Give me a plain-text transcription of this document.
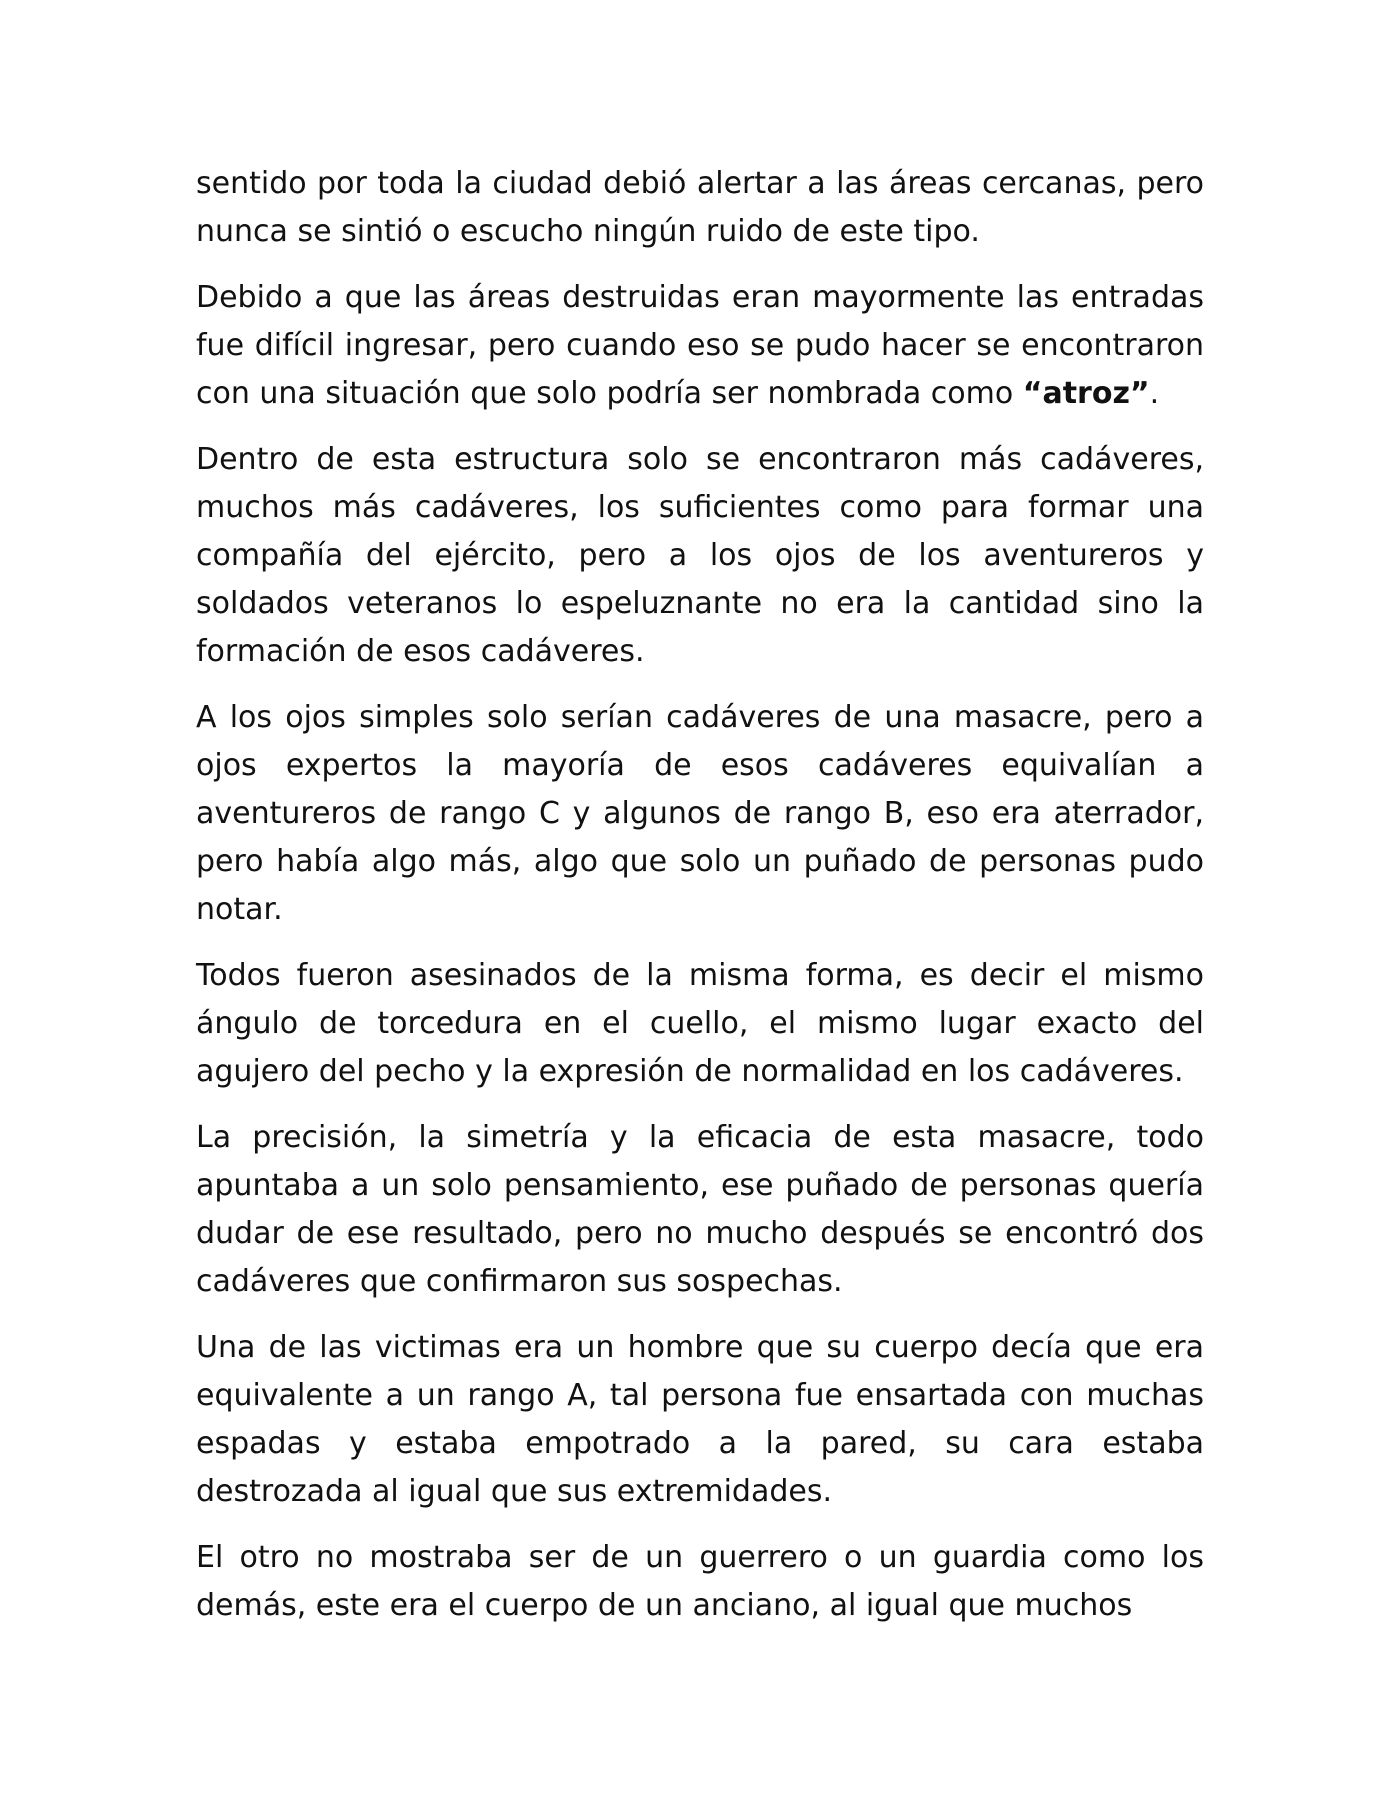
sentido por toda la ciudad debió alertar a las áreas cercanas, pero nunca se sintió o escucho ningún ruido de este tipo.

Debido a que las áreas destruidas eran mayormente las entradas fue difícil ingresar, pero cuando eso se pudo hacer se encontraron con una situación que solo podría ser nombrada como “atroz”.

Dentro de esta estructura solo se encontraron más cadáveres, muchos más cadáveres, los suficientes como para formar una compañía del ejército, pero a los ojos de los aventureros y soldados veteranos lo espeluznante no era la cantidad sino la formación de esos cadáveres.

A los ojos simples solo serían cadáveres de una masacre, pero a ojos expertos la mayoría de esos cadáveres equivalían a aventureros de rango C y algunos de rango B, eso era aterrador, pero había algo más, algo que solo un puñado de personas pudo notar.

Todos fueron asesinados de la misma forma, es decir el mismo ángulo de torcedura en el cuello, el mismo lugar exacto del agujero del pecho y la expresión de normalidad en los cadáveres.

La precisión, la simetría y la eficacia de esta masacre, todo apuntaba a un solo pensamiento, ese puñado de personas quería dudar de ese resultado, pero no mucho después se encontró dos cadáveres que confirmaron sus sospechas.

Una de las victimas era un hombre que su cuerpo decía que era equivalente a un rango A, tal persona fue ensartada con muchas espadas y estaba empotrado a la pared, su cara estaba destrozada al igual que sus extremidades.

El otro no mostraba ser de un guerrero o un guardia como los demás, este era el cuerpo de un anciano, al igual que muchos
